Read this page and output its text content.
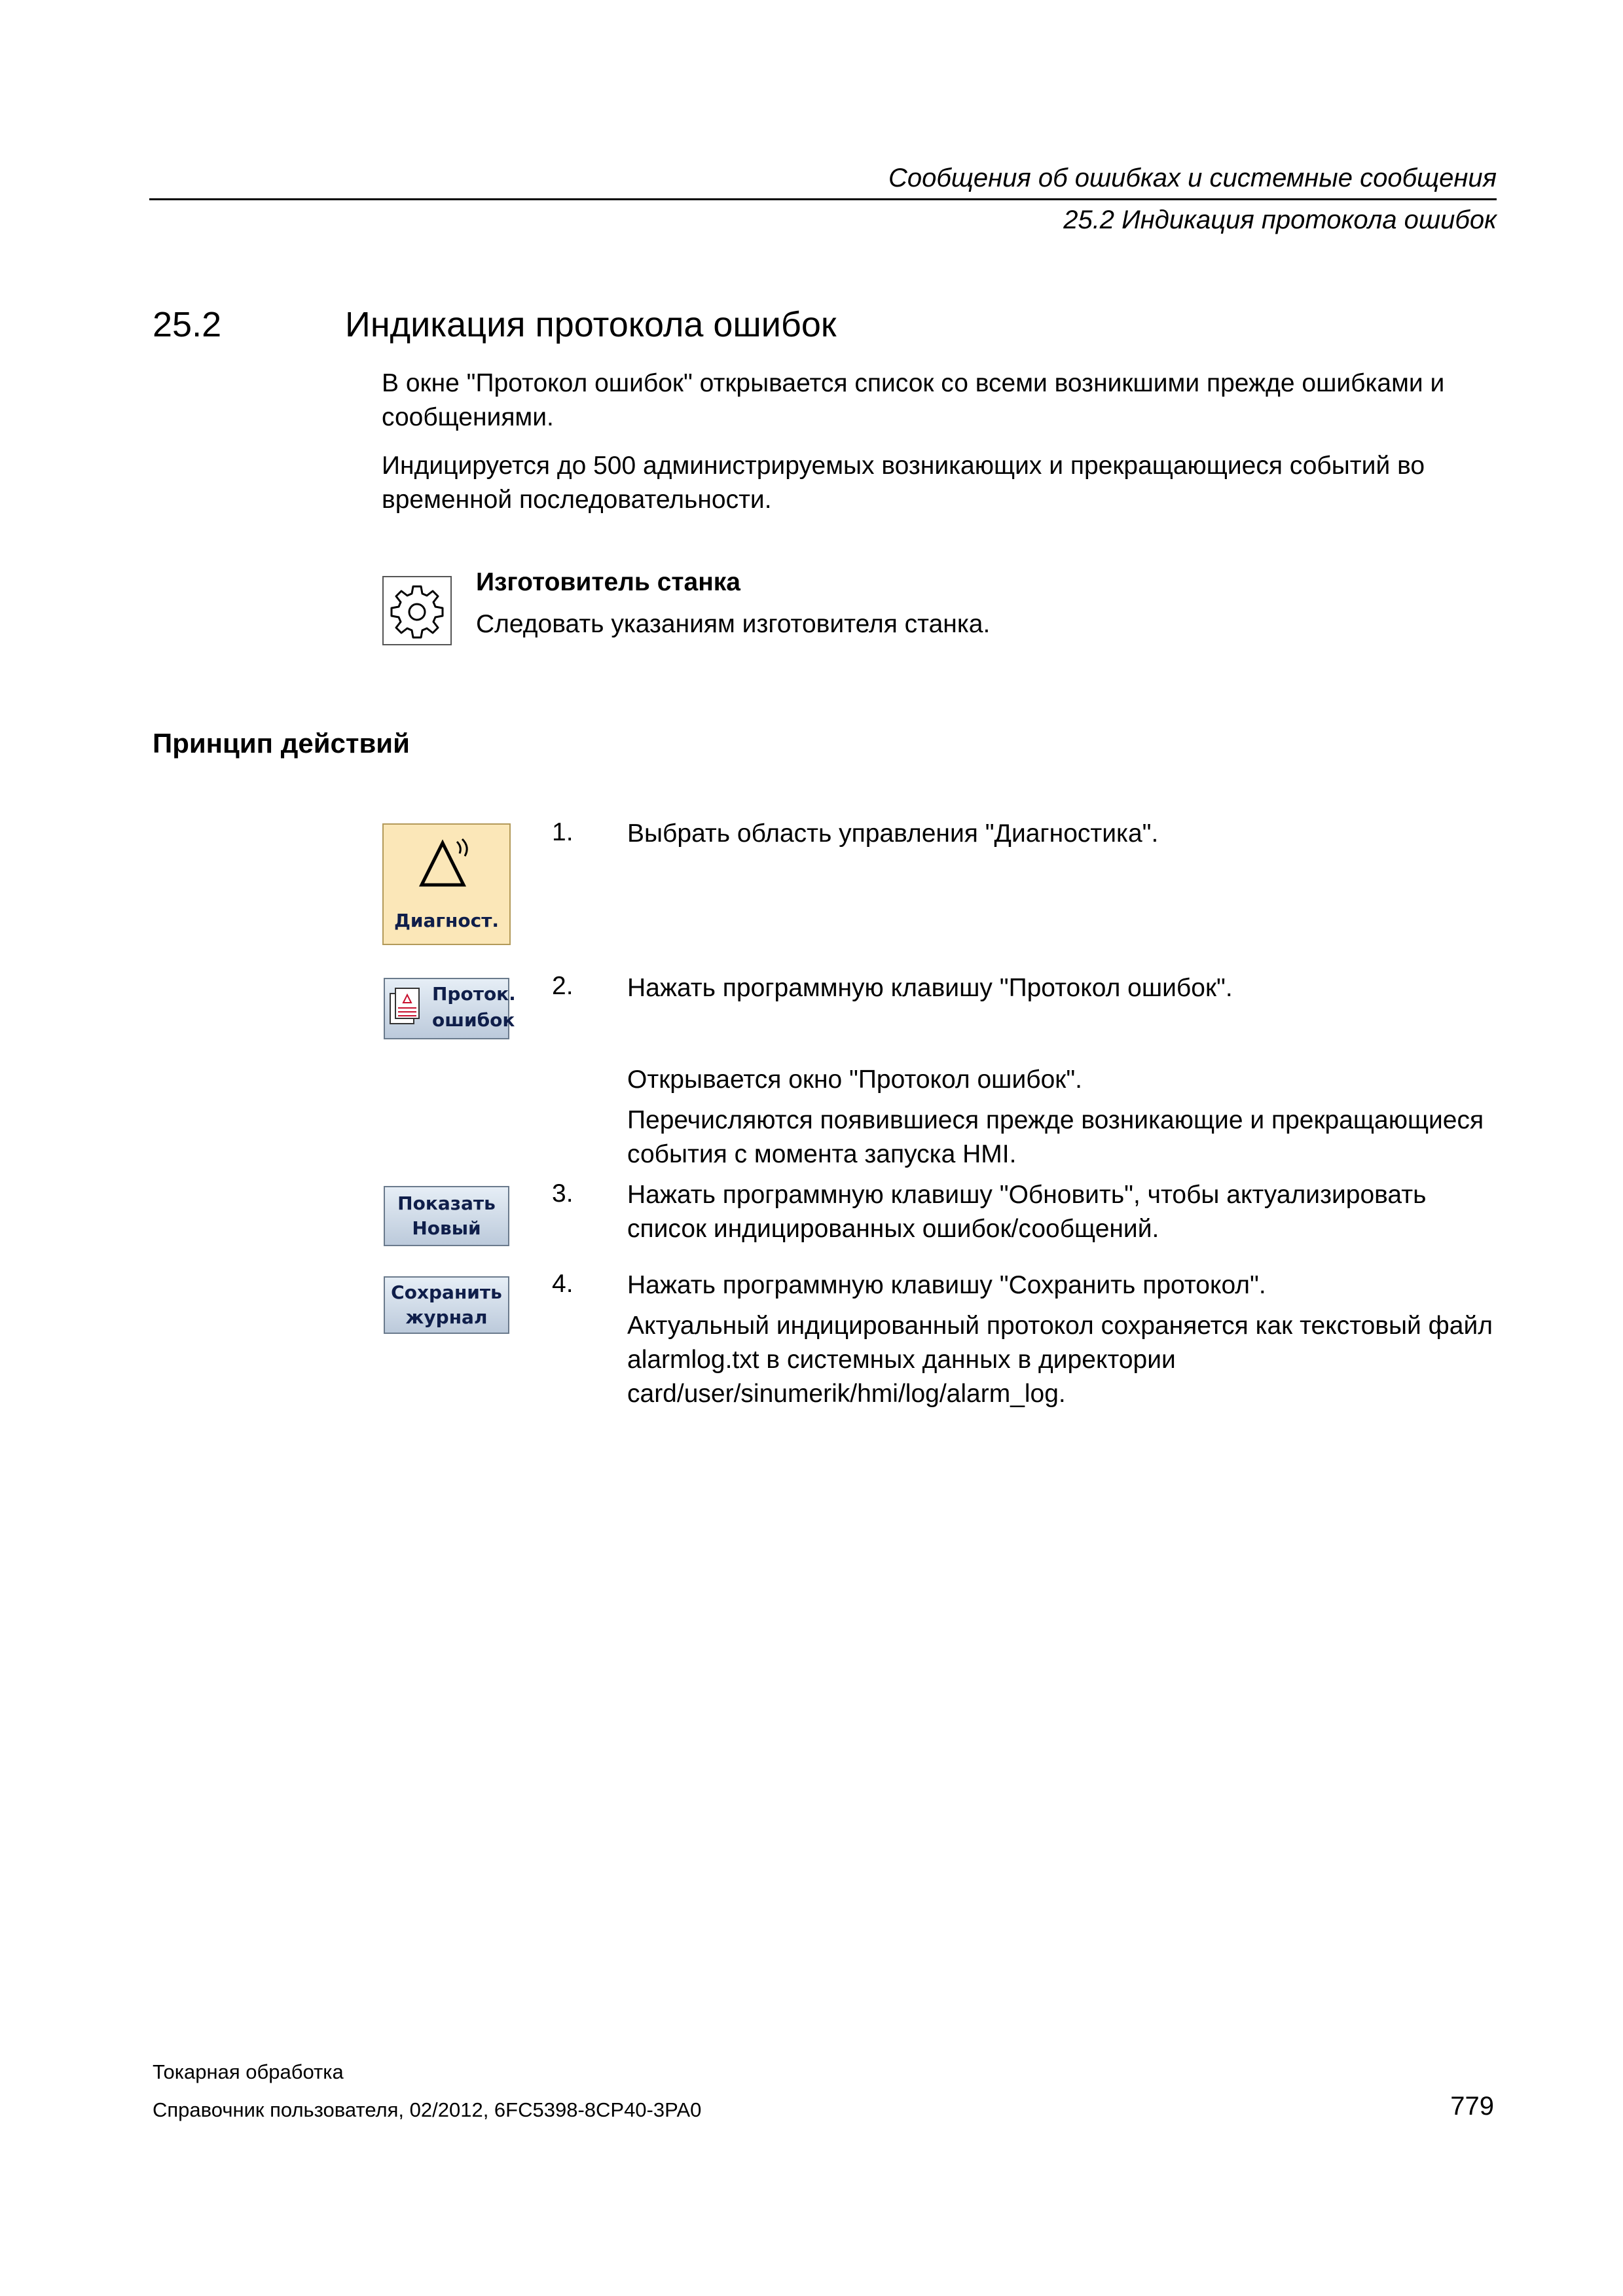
Сообщения об ошибках и системные сообщения
25.2 Индикация протокола ошибок
25.2	Индикация протокола ошибок
В окне "Протокол ошибок" открывается список со всеми возникшими прежде ошибками и сообщениями.
Индицируется до 500 администрируемых возникающих и прекращающиеся событий во временной последовательности.
Изготовитель станка
Следовать указаниям изготовителя станка.
Принцип действий
Диагност.
1. Выбрать область управления "Диагностика".
Проток.
ошибок
2. Нажать программную клавишу "Протокол ошибок".
Открывается окно "Протокол ошибок".
Перечисляются появившиеся прежде возникающие и прекращающиеся события с момента запуска HMI.
Показать
Новый
3. Нажать программную клавишу "Обновить", чтобы актуализировать список индицированных ошибок/сообщений.
Сохранить
журнал
4. Нажать программную клавишу "Сохранить протокол".
Актуальный индицированный протокол сохраняется как текстовый файл alarmlog.txt в системных данных в директории card/user/sinumerik/hmi/log/alarm_log.
Токарная обработка
Справочник пользователя, 02/2012, 6FC5398-8CP40-3PA0	779
